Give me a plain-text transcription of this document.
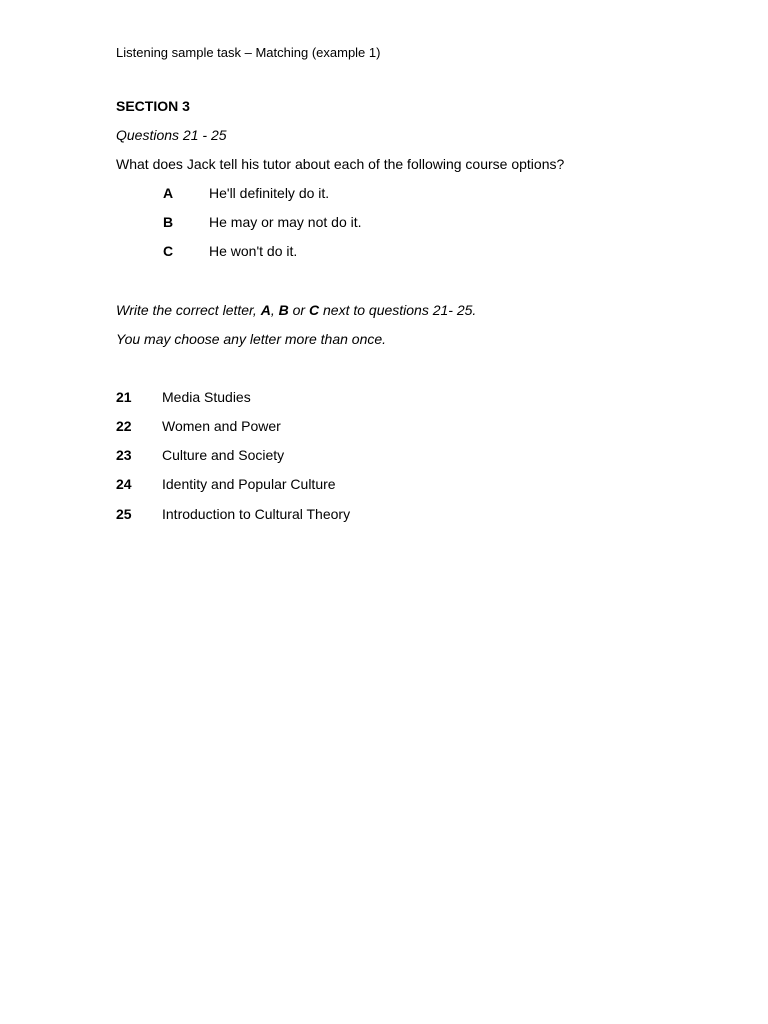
Listening sample task – Matching (example 1)
SECTION 3
Questions 21 - 25
What does Jack tell his tutor about each of the following course options?
A	He'll definitely do it.
B	He may or may not do it.
C	He won't do it.
Write the correct letter, A, B or C next to questions 21- 25.
You may choose any letter more than once.
21 Media Studies
22 Women and Power
23 Culture and Society
24 Identity and Popular Culture
25 Introduction to Cultural Theory
